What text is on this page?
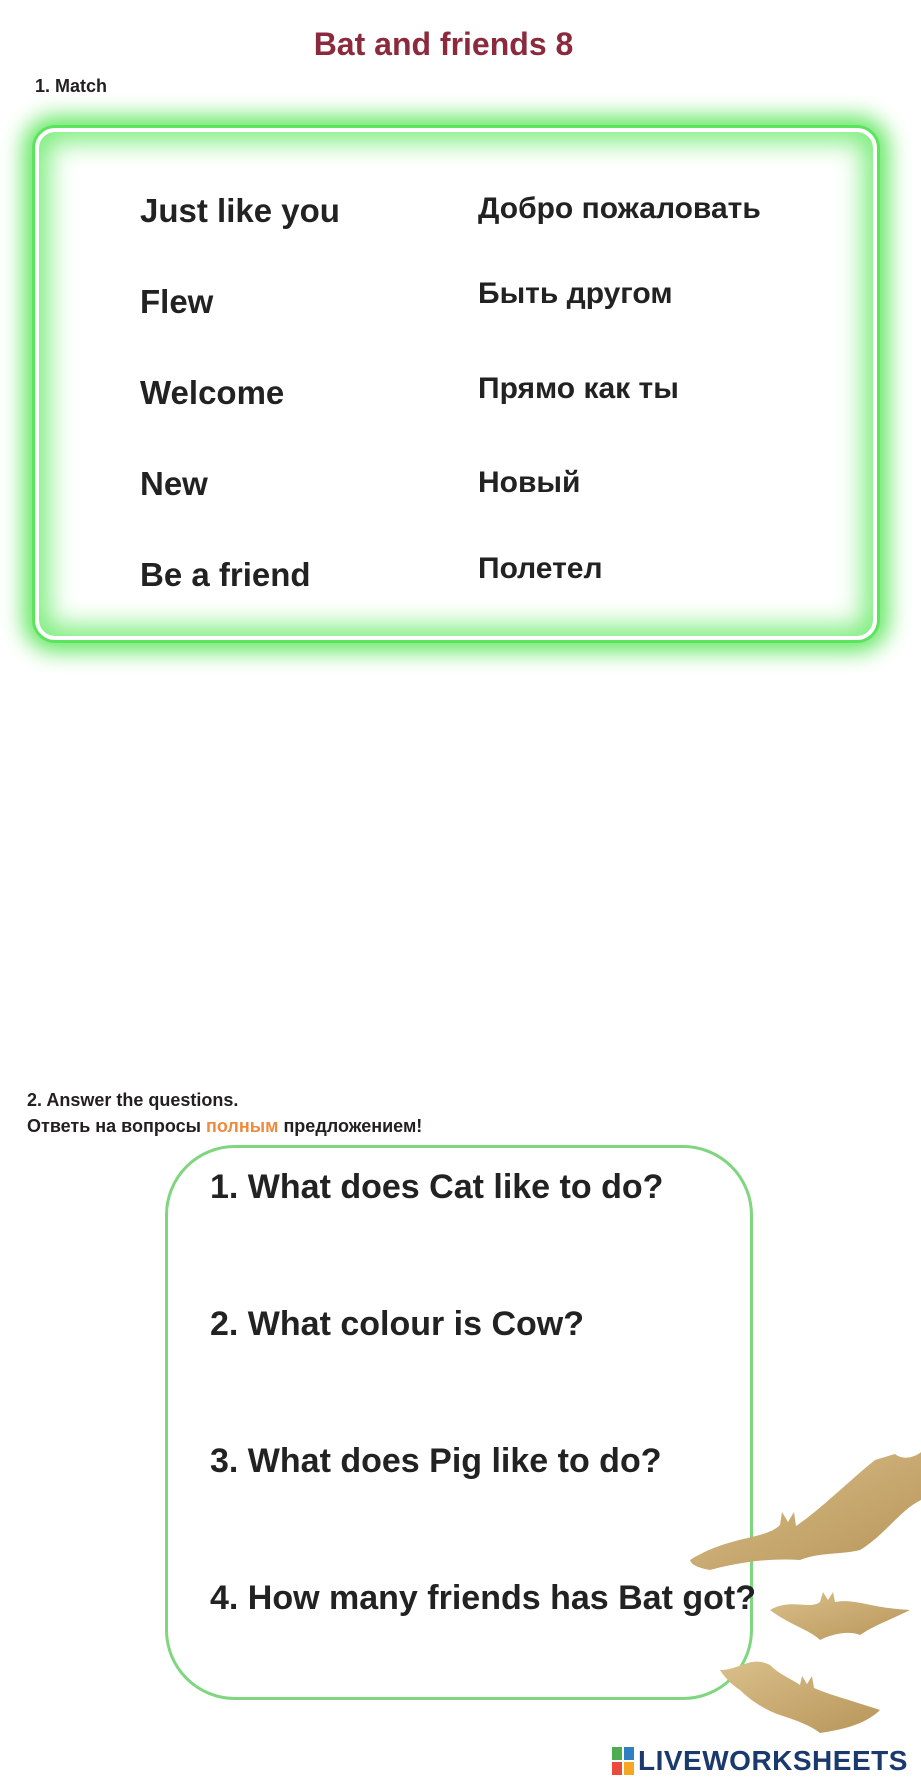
Bat and friends 8
1. Match
Just like you
Flew
Welcome
New
Be a friend
Добро пожаловать
Быть другом
Прямо как ты
Новый
Полетел
2. Answer the questions.
Ответь на вопросы полным предложением!
1. What does Cat like to do?
2. What colour is Cow?
3. What does Pig like to do?
4. How many friends has Bat got?
LIVEWORKSHEETS
